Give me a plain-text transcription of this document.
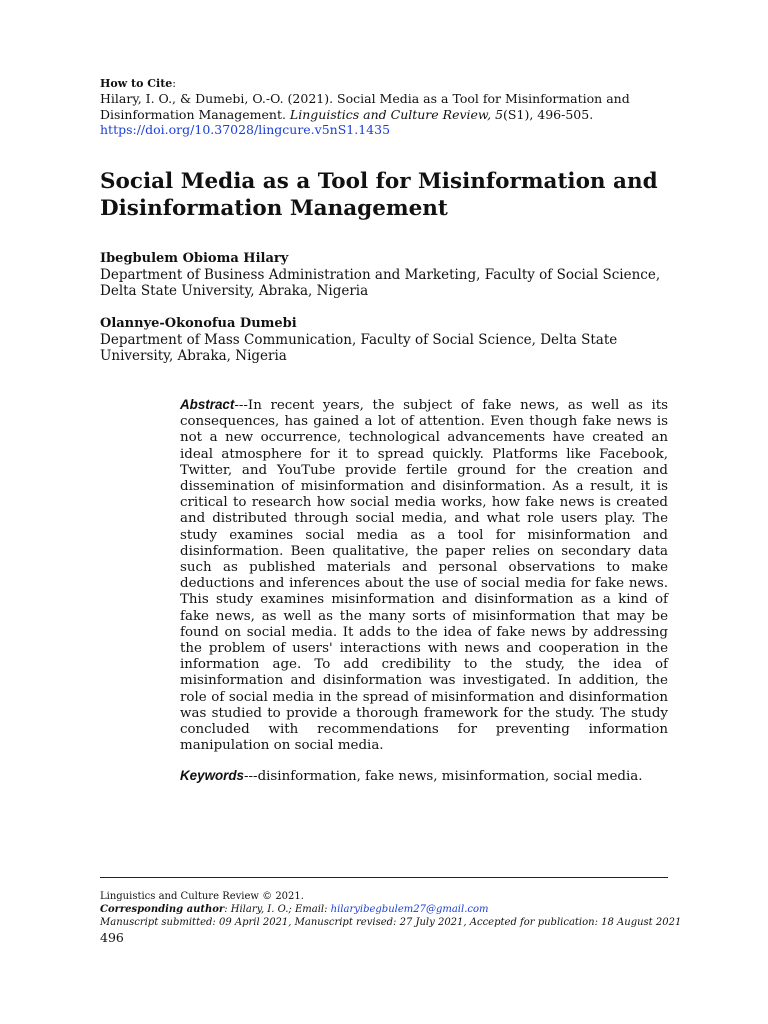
How to Cite:
Hilary, I. O., & Dumebi, O.-O. (2021). Social Media as a Tool for Misinformation and Disinformation Management. Linguistics and Culture Review, 5(S1), 496-505.
https://doi.org/10.37028/lingcure.v5nS1.1435
Social Media as a Tool for Misinformation and Disinformation Management
Ibegbulem Obioma Hilary
Department of Business Administration and Marketing, Faculty of Social Science, Delta State University, Abraka, Nigeria
Olannye-Okonofua Dumebi
Department of Mass Communication, Faculty of Social Science, Delta State University, Abraka, Nigeria
Abstract---In recent years, the subject of fake news, as well as its consequences, has gained a lot of attention. Even though fake news is not a new occurrence, technological advancements have created an ideal atmosphere for it to spread quickly. Platforms like Facebook, Twitter, and YouTube provide fertile ground for the creation and dissemination of misinformation and disinformation. As a result, it is critical to research how social media works, how fake news is created and distributed through social media, and what role users play. The study examines social media as a tool for misinformation and disinformation. Been qualitative, the paper relies on secondary data such as published materials and personal observations to make deductions and inferences about the use of social media for fake news. This study examines misinformation and disinformation as a kind of fake news, as well as the many sorts of misinformation that may be found on social media. It adds to the idea of fake news by addressing the problem of users' interactions with news and cooperation in the information age. To add credibility to the study, the idea of misinformation and disinformation was investigated. In addition, the role of social media in the spread of misinformation and disinformation was studied to provide a thorough framework for the study. The study concluded with recommendations for preventing information manipulation on social media.
Keywords---disinformation, fake news, misinformation, social media.
Linguistics and Culture Review © 2021.
Corresponding author: Hilary, I. O.; Email: hilaryibegbulem27@gmail.com
Manuscript submitted: 09 April 2021, Manuscript revised: 27 July 2021, Accepted for publication: 18 August 2021
496
